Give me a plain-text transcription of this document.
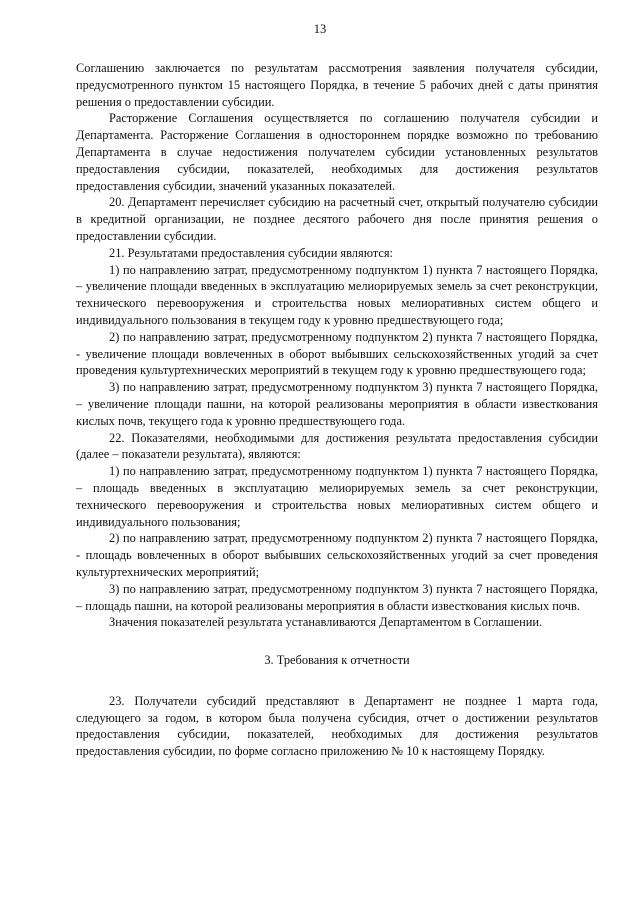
13

Соглашению заключается по результатам рассмотрения заявления получателя субсидии, предусмотренного пунктом 15 настоящего Порядка, в течение 5 рабочих дней с даты принятия решения о предоставлении субсидии.

Расторжение Соглашения осуществляется по соглашению получателя субсидии и Департамента. Расторжение Соглашения в одностороннем порядке возможно по требованию Департамента в случае недостижения получателем субсидии установленных результатов предоставления субсидии, показателей, необходимых для достижения результатов предоставления субсидии, значений указанных показателей.

20. Департамент перечисляет субсидию на расчетный счет, открытый получателю субсидии в кредитной организации, не позднее десятого рабочего дня после принятия решения о предоставлении субсидии.

21. Результатами предоставления субсидии являются:

1) по направлению затрат, предусмотренному подпунктом 1) пункта 7 настоящего Порядка, – увеличение площади введенных в эксплуатацию мелиорируемых земель за счет реконструкции, технического перевооружения и строительства новых мелиоративных систем общего и индивидуального пользования в текущем году к уровню предшествующего года;

2) по направлению затрат, предусмотренному подпунктом 2) пункта 7 настоящего Порядка, - увеличение площади вовлеченных в оборот выбывших сельскохозяйственных угодий за счет проведения культуртехнических мероприятий в текущем году к уровню предшествующего года;

3) по направлению затрат, предусмотренному подпунктом 3) пункта 7 настоящего Порядка, – увеличение площади пашни, на которой реализованы мероприятия в области известкования кислых почв, текущего года к уровню предшествующего года.

22. Показателями, необходимыми для достижения результата предоставления субсидии (далее – показатели результата), являются:

1) по направлению затрат, предусмотренному подпунктом 1) пункта 7 настоящего Порядка, – площадь введенных в эксплуатацию мелиорируемых земель за счет реконструкции, технического перевооружения и строительства новых мелиоративных систем общего и индивидуального пользования;

2) по направлению затрат, предусмотренному подпунктом 2) пункта 7 настоящего Порядка, - площадь вовлеченных в оборот выбывших сельскохозяйственных угодий за счет проведения культуртехнических мероприятий;

3) по направлению затрат, предусмотренному подпунктом 3) пункта 7 настоящего Порядка, – площадь пашни, на которой реализованы мероприятия в области известкования кислых почв.

Значения показателей результата устанавливаются Департаментом в Соглашении.

3. Требования к отчетности

23. Получатели субсидий представляют в Департамент не позднее 1 марта года, следующего за годом, в котором была получена субсидия, отчет о достижении результатов предоставления субсидии, показателей, необходимых для достижения результатов предоставления субсидии, по форме согласно приложению № 10 к настоящему Порядку.
